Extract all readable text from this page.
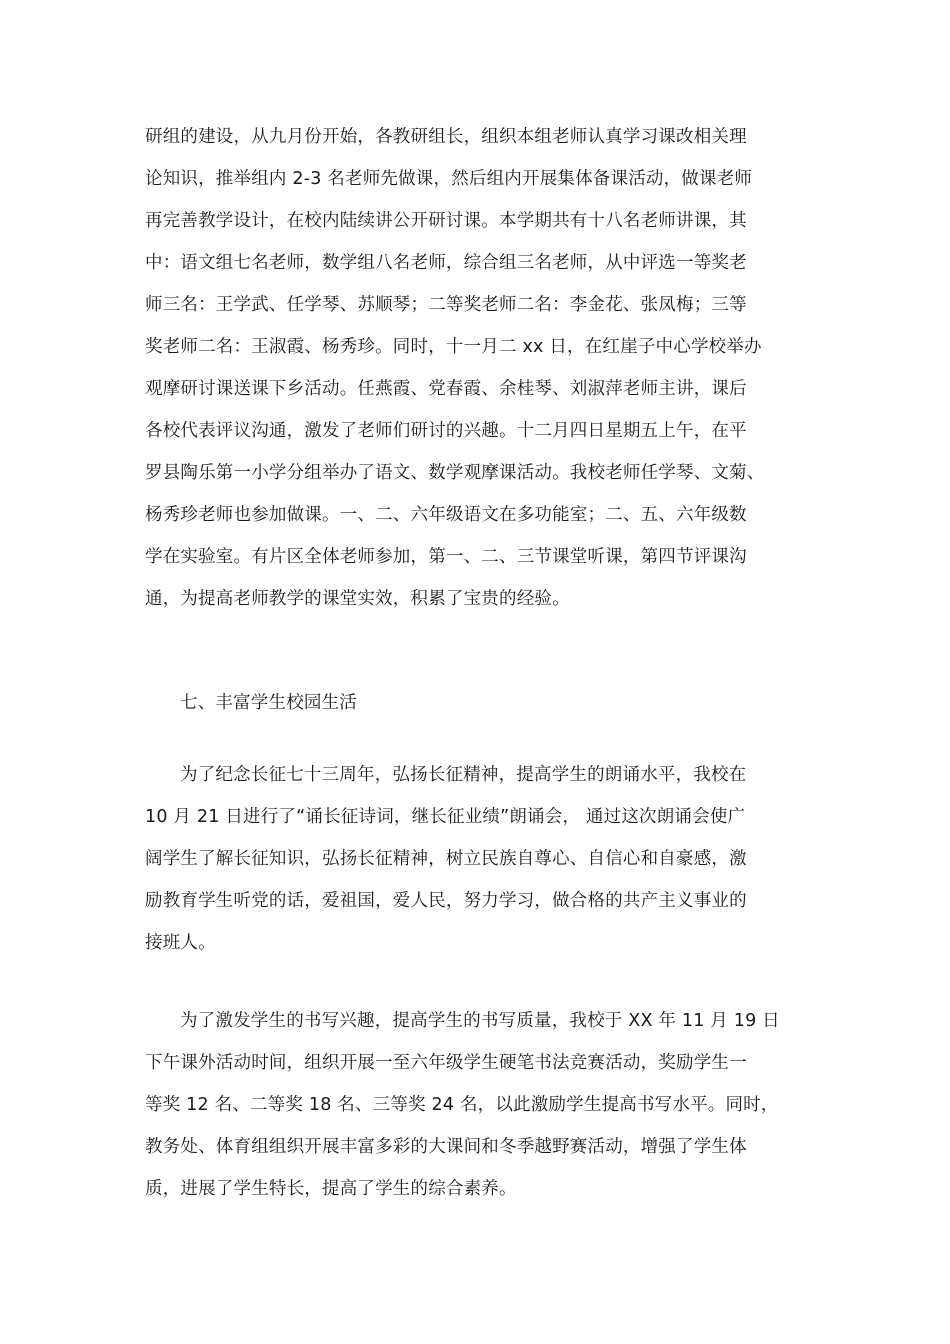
研组的建设，从九月份开始，各教研组长，组织本组老师认真学习课改相关理
论知识，推举组内 2-3 名老师先做课，然后组内开展集体备课活动，做课老师
再完善教学设计，在校内陆续讲公开研讨课。本学期共有十八名老师讲课，其
中：语文组七名老师，数学组八名老师，综合组三名老师，从中评选一等奖老
师三名：王学武、任学琴、苏顺琴；二等奖老师二名：李金花、张凤梅；三等
奖老师二名：王淑霞、杨秀珍。同时，十一月二 xx 日，在红崖子中心学校举办
观摩研讨课送课下乡活动。任燕霞、党春霞、余桂琴、刘淑萍老师主讲，课后
各校代表评议沟通，激发了老师们研讨的兴趣。十二月四日星期五上午，在平
罗县陶乐第一小学分组举办了语文、数学观摩课活动。我校老师任学琴、文菊、
杨秀珍老师也参加做课。一、二、六年级语文在多功能室；二、五、六年级数
学在实验室。有片区全体老师参加，第一、二、三节课堂听课，第四节评课沟
通，为提高老师教学的课堂实效，积累了宝贵的经验。
七、丰富学生校园生活
为了纪念长征七十三周年，弘扬长征精神，提高学生的朗诵水平，我校在
10 月 21 日进行了“诵长征诗词，继长征业绩”朗诵会， 通过这次朗诵会使广
阔学生了解长征知识，弘扬长征精神，树立民族自尊心、自信心和自豪感，激
励教育学生听党的话，爱祖国，爱人民，努力学习，做合格的共产主义事业的
接班人。
为了激发学生的书写兴趣，提高学生的书写质量，我校于 XX 年 11 月 19 日
下午课外活动时间，组织开展一至六年级学生硬笔书法竞赛活动，奖励学生一
等奖 12 名、二等奖 18 名、三等奖 24 名，以此激励学生提高书写水平。同时，
教务处、体育组组织开展丰富多彩的大课间和冬季越野赛活动，增强了学生体
质，进展了学生特长，提高了学生的综合素养。
